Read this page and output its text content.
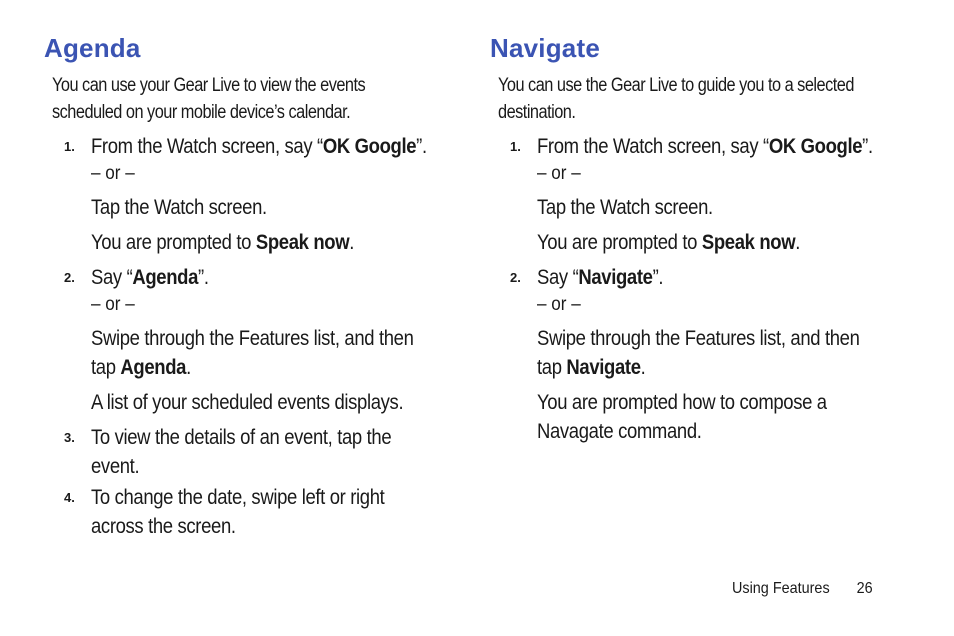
Agenda
You can use your Gear Live to view the events
scheduled on your mobile device’s calendar.
1. From the Watch screen, say “OK Google”.

– or –

Tap the Watch screen.

You are prompted to Speak now.

2. Say “Agenda”.

– or –

Swipe through the Features list, and then

tap Agenda.

A list of your scheduled events displays.

3. To view the details of an event, tap the

event.

4. To change the date, swipe left or right

across the screen.

Navigate
You can use the Gear Live to guide you to a selected
destination.
1. From the Watch screen, say “OK Google”.

– or –

Tap the Watch screen.

You are prompted to Speak now.

2. Say “Navigate”.

– or –

Swipe through the Features list, and then

tap Navigate.

You are prompted how to compose a

Navagate command.

Using Features 26
